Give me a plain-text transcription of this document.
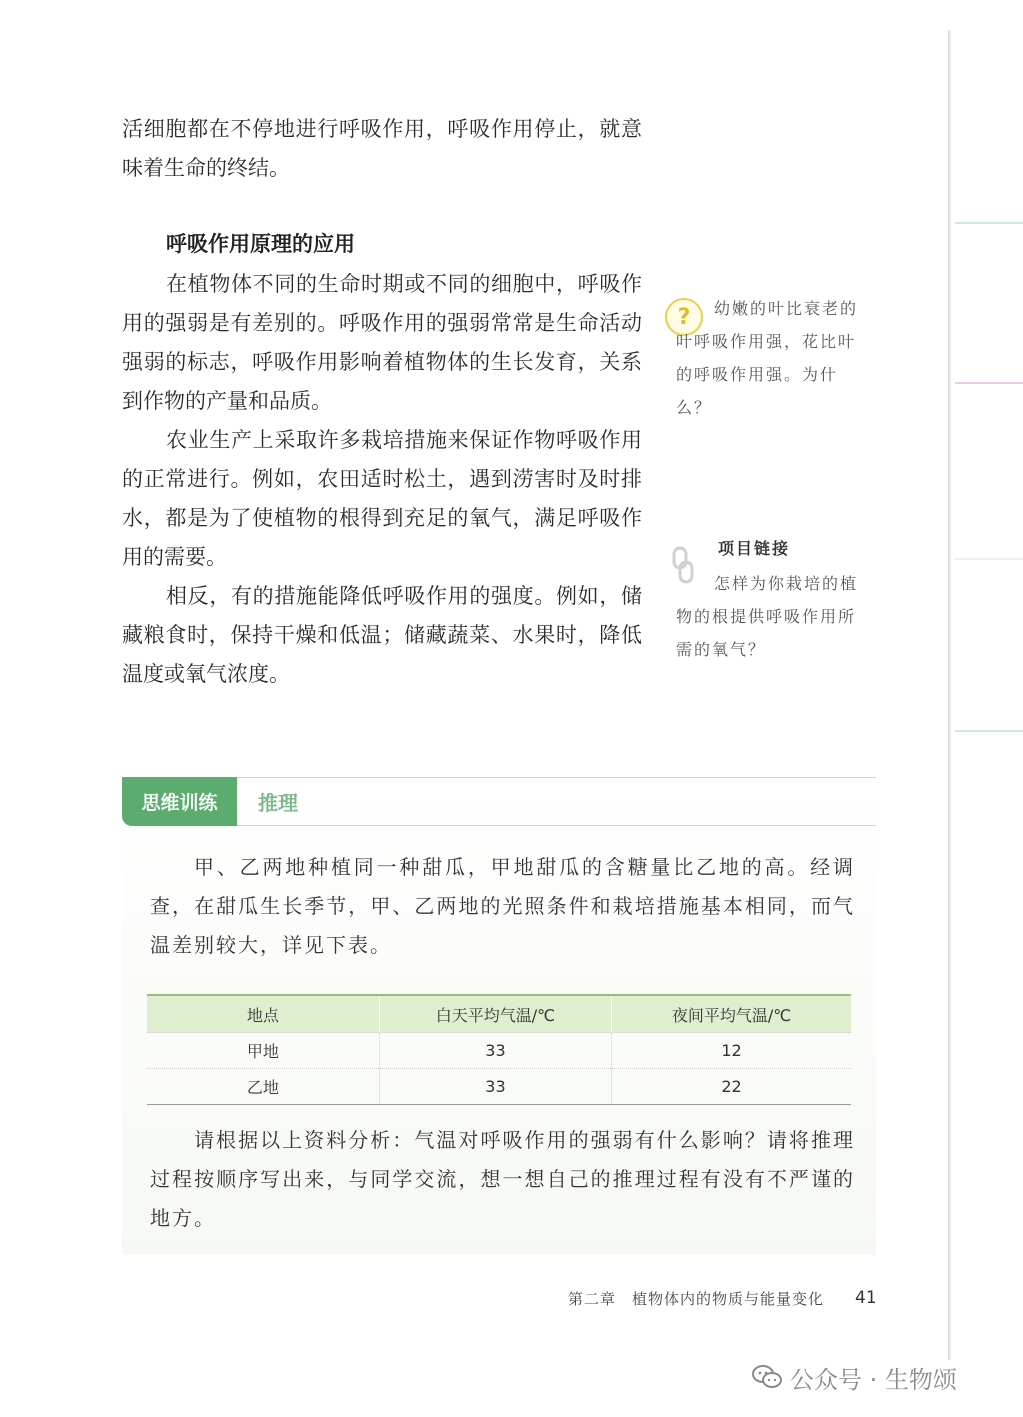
活细胞都在不停地进行呼吸作用，呼吸作用停止，就意味着生命的终结。

呼吸作用原理的应用

在植物体不同的生命时期或不同的细胞中，呼吸作用的强弱是有差别的。呼吸作用的强弱常常是生命活动强弱的标志，呼吸作用影响着植物体的生长发育，关系到作物的产量和品质。

农业生产上采取许多栽培措施来保证作物呼吸作用的正常进行。例如，农田适时松土，遇到涝害时及时排水，都是为了使植物的根得到充足的氧气，满足呼吸作用的需要。

相反，有的措施能降低呼吸作用的强度。例如，储藏粮食时，保持干燥和低温；储藏蔬菜、水果时，降低温度或氧气浓度。

?	幼嫩的叶比衰老的叶呼吸作用强，花比叶的呼吸作用强。为什么？

项目链接

怎样为你栽培的植物的根提供呼吸作用所需的氧气？

思维训练	推理

甲、乙两地种植同一种甜瓜，甲地甜瓜的含糖量比乙地的高。经调查，在甜瓜生长季节，甲、乙两地的光照条件和栽培措施基本相同，而气温差别较大，详见下表。

地点	白天平均气温/℃	夜间平均气温/℃
甲地	33	12
乙地	33	22

请根据以上资料分析：气温对呼吸作用的强弱有什么影响？请将推理过程按顺序写出来，与同学交流，想一想自己的推理过程有没有不严谨的地方。

第二章　植物体内的物质与能量变化 41

公众号 · 生物颂
